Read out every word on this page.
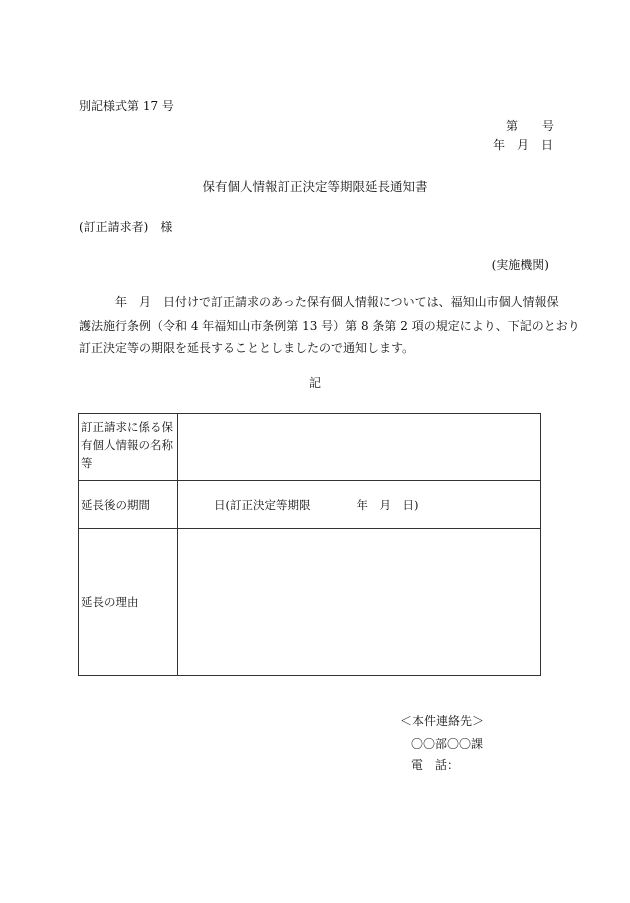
別記様式第 17 号
第　　号
年　月　日
保有個人情報訂正決定等期限延長通知書
(訂正請求者)　様
(実施機関)
　　　年　月　日付けで訂正請求のあった保有個人情報については、福知山市個人情報保
護法施行条例（令和 4 年福知山市条例第 13 号）第 8 条第 2 項の規定により、下記のとおり
訂正決定等の期限を延長することとしましたので通知します。
記
訂正請求に係る保有個人情報の名称等	
延長後の期間	日(訂正決定等期限　　　　年　月　日)
延長の理由	
＜本件連絡先＞
〇〇部〇〇課
電　話：
